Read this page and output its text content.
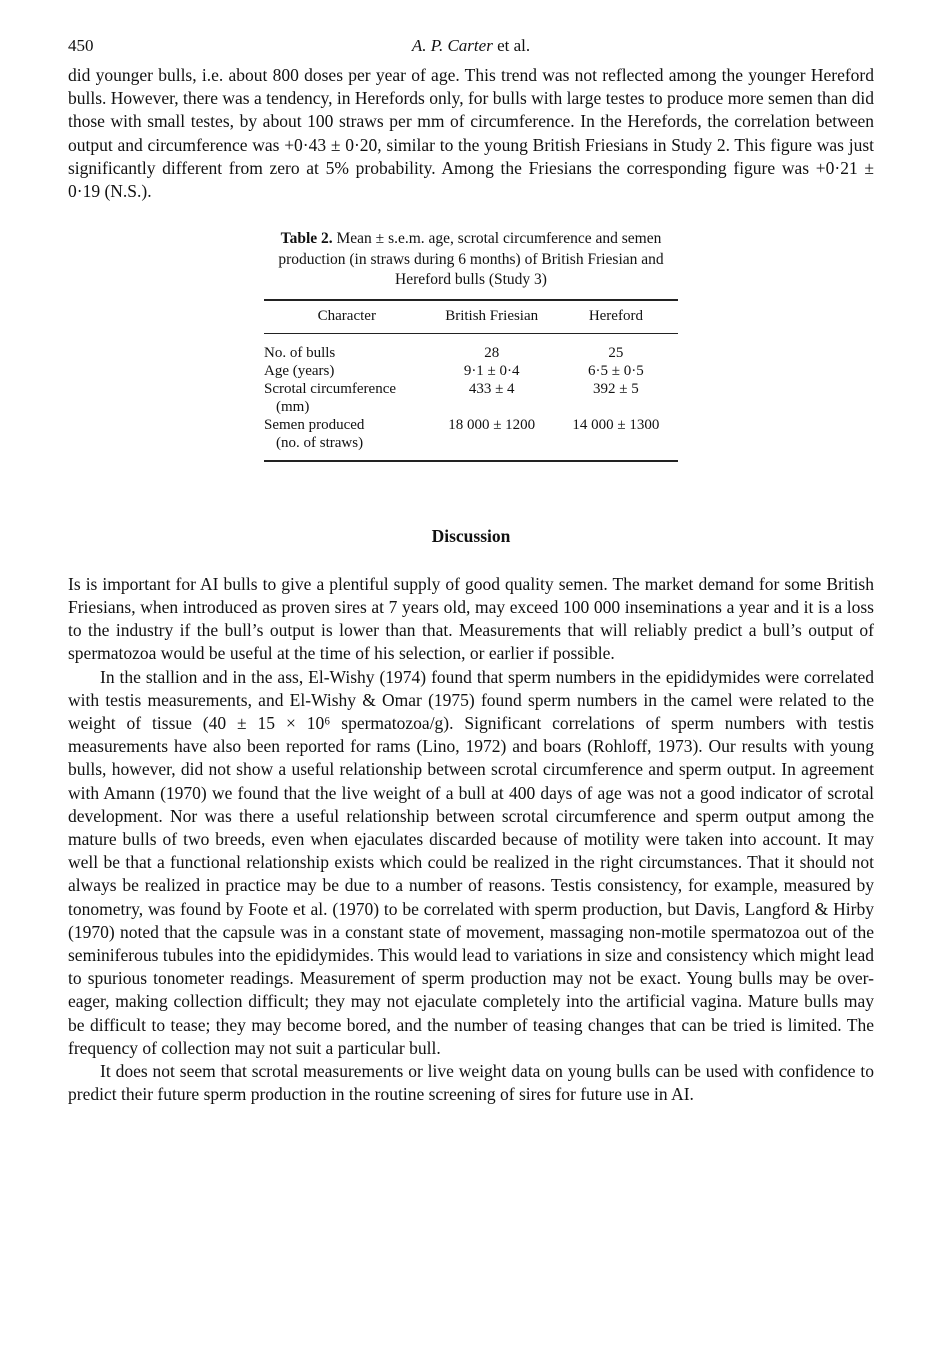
450	A. P. Carter et al.

did younger bulls, i.e. about 800 doses per year of age. This trend was not reflected among the younger Hereford bulls. However, there was a tendency, in Herefords only, for bulls with large testes to produce more semen than did those with small testes, by about 100 straws per mm of circumference. In the Herefords, the correlation between output and circumference was +0·43 ± 0·20, similar to the young British Friesians in Study 2. This figure was just significantly different from zero at 5% probability. Among the Friesians the corresponding figure was +0·21 ± 0·19 (N.S.).

Table 2. Mean ± s.e.m. age, scrotal circumference and semen production (in straws during 6 months) of British Friesian and Hereford bulls (Study 3)
Character	British Friesian	Hereford
No. of bulls	28	25
Age (years)	9·1 ± 0·4	6·5 ± 0·5
Scrotal circumference
(mm)	433 ± 4	392 ± 5
Semen produced
(no. of straws)	18 000 ± 1200	14 000 ± 1300
Discussion

Is is important for AI bulls to give a plentiful supply of good quality semen. The market demand for some British Friesians, when introduced as proven sires at 7 years old, may exceed 100 000 inseminations a year and it is a loss to the industry if the bull’s output is lower than that. Measurements that will reliably predict a bull’s output of spermatozoa would be useful at the time of his selection, or earlier if possible.

In the stallion and in the ass, El-Wishy (1974) found that sperm numbers in the epididymides were correlated with testis measurements, and El-Wishy & Omar (1975) found sperm numbers in the camel were related to the weight of tissue (40 ± 15 × 10⁶ spermatozoa/g). Significant correlations of sperm numbers with testis measurements have also been reported for rams (Lino, 1972) and boars (Rohloff, 1973). Our results with young bulls, however, did not show a useful relationship between scrotal circumference and sperm output. In agreement with Amann (1970) we found that the live weight of a bull at 400 days of age was not a good indicator of scrotal development. Nor was there a useful relationship between scrotal circumference and sperm output among the mature bulls of two breeds, even when ejaculates discarded because of motility were taken into account. It may well be that a functional relationship exists which could be realized in the right circumstances. That it should not always be realized in practice may be due to a number of reasons. Testis consistency, for example, measured by tonometry, was found by Foote et al. (1970) to be correlated with sperm production, but Davis, Langford & Hirby (1970) noted that the capsule was in a constant state of movement, massaging non-motile spermatozoa out of the seminiferous tubules into the epididymides. This would lead to variations in size and consistency which might lead to spurious tonometer readings. Measurement of sperm production may not be exact. Young bulls may be over-eager, making collection difficult; they may not ejaculate completely into the artificial vagina. Mature bulls may be difficult to tease; they may become bored, and the number of teasing changes that can be tried is limited. The frequency of collection may not suit a particular bull.

It does not seem that scrotal measurements or live weight data on young bulls can be used with confidence to predict their future sperm production in the routine screening of sires for future use in AI.
